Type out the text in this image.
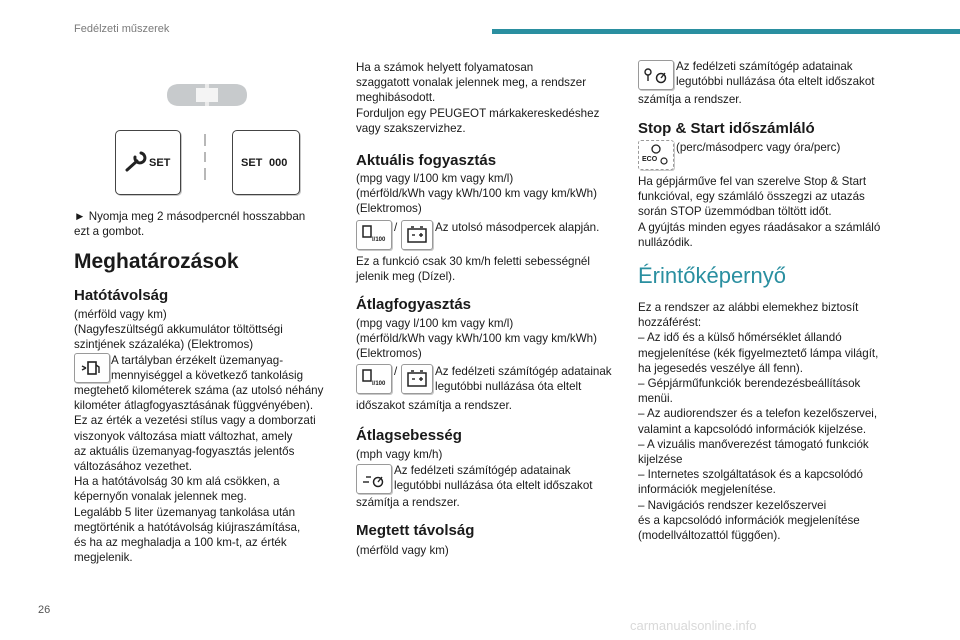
Fedélzeti műszerek
SET	SET 000
► Nyomja meg 2 másodpercnél hosszabban
ezt a gombot.
Meghatározások
Hatótávolság
(mérföld vagy km)
(Nagyfeszültségű akkumulátor töltöttségi
szintjének százaléka) (Elektromos)
A tartályban érzékelt üzemanyag-
mennyiséggel a következő tankolásig
megtehető kilométerek száma (az utolsó néhány
kilométer átlagfogyasztásának függvényében).
Ez az érték a vezetési stílus vagy a domborzati
viszonyok változása miatt változhat, amely
az aktuális üzemanyag-fogyasztás jelentős
változásához vezethet.
Ha a hatótávolság 30 km alá csökken, a
képernyőn vonalak jelennek meg.
Legalább 5 liter üzemanyag tankolása után
megtörténik a hatótávolság kiújraszámítása,
és ha az meghaladja a 100 km-t, az érték
megjelenik.
Ha a számok helyett folyamatosan
szaggatott vonalak jelennek meg, a rendszer
meghibásodott.
Forduljon egy PEUGEOT márkakereskedéshez
vagy szakszervizhez.
Aktuális fogyasztás
(mpg vagy l/100 km vagy km/l)
(mérföld/kWh vagy kWh/100 km vagy km/kWh)
(Elektromos)
l/100
/	Az utolsó másodpercek alapján.
Ez a funkció csak 30 km/h feletti sebességnél
jelenik meg (Dízel).
Átlagfogyasztás
(mpg vagy l/100 km vagy km/l)
(mérföld/kWh vagy kWh/100 km vagy km/kWh)
(Elektromos)
l/100
/	Az fedélzeti számítógép adatainak
legutóbbi nullázása óta eltelt
időszakot számítja a rendszer.
Átlagsebesség
(mph vagy km/h)
Az fedélzeti számítógép adatainak
legutóbbi nullázása óta eltelt időszakot
számítja a rendszer.
Megtett távolság
(mérföld vagy km)
Az fedélzeti számítógép adatainak
legutóbbi nullázása óta eltelt időszakot
számítja a rendszer.
Stop & Start időszámláló
ECO
(perc/másodperc vagy óra/perc)
Ha gépjárműve fel van szerelve Stop & Start
funkcióval, egy számláló összegzi az utazás
során STOP üzemmódban töltött időt.
A gyújtás minden egyes ráadásakor a számláló
nullázódik.
Érintőképernyő
Ez a rendszer az alábbi elemekhez biztosít
hozzáférést:
– Az idő és a külső hőmérséklet állandó
megjelenítése (kék figyelmeztető lámpa világít,
ha jegesedés veszélye áll fenn).
– Gépjárműfunkciók berendezésbeállítások
menüi.
– Az audiorendszer és a telefon kezelőszervei,
valamint a kapcsolódó információk kijelzése.
– A vizuális manőverezést támogató funkciók
kijelzése
– Internetes szolgáltatások és a kapcsolódó
információk megjelenítése.
– Navigációs rendszer kezelőszervei
és a kapcsolódó információk megjelenítése
(modellváltozattól függően).
26
carmanualsonline.info
